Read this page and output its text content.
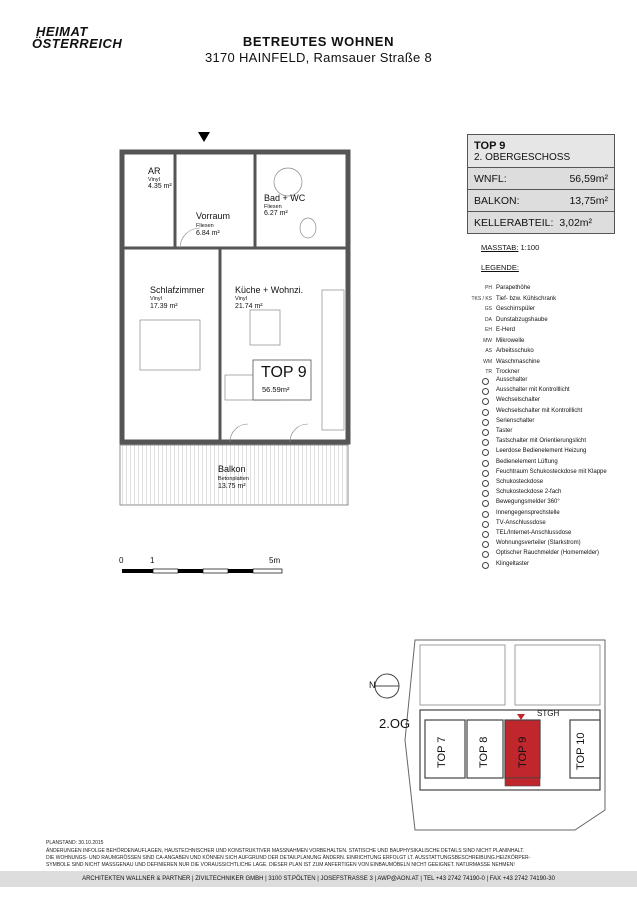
HEIMAT
ÖSTERREICH	BETREUTES WOHNEN
3170 HAINFELD, Ramsauer Straße 8
TOP 9
2. OBERGESCHOSS
WNFL:	56,59m²
BALKON:	13,75m²
KELLERABTEIL: 3,02m²
MASSTAB: 1:100
LEGENDE:
PH Parapethöhe
TKS / KS Tief- bzw. Kühlschrank
GS Geschirrspüler
DA Dunstabzugshaube
EH E-Herd
MW Mikrowelle
AS Arbeitsschuko
WM Waschmaschine
TR Trockner
Ausschalter
Ausschalter mit Kontrolllicht
Wechselschalter
Wechselschalter mit Kontrolllicht
Serienschalter
Taster
Tastschalter mit Orientierungslicht
Leerdose Bedienelement Heizung
Bedienelement Lüftung
Feuchtraum Schukosteckdose mit Klappe
Schukosteckdose
Schukosteckdose 2-fach
Bewegungsmelder 360°
Innengegensprechstelle
TV-Anschlussdose
TEL/Internet-Anschlussdose
Wohnungsverteiler (Starkstrom)
Optischer Rauchmelder (Homemelder)
Klingeltaster
AR
Vinyl
4.35 m²
Vorraum
Fliesen
6.84 m²
Bad + WC
Fliesen
6.27 m²
Schlafzimmer
Vinyl
17.39 m²
Küche + Wohnzi.
Vinyl
21.74 m²
TOP 9
56.59m²
Balkon
Betonplatten
13.75 m²
0	1	5m
N
2.OG
STGH
TOP 7	TOP 8 TOP 9	TOP 10
PLANSTAND: 30.10.2015
ÄNDERUNGEN INFOLGE BEHÖRDENAUFLAGEN, HAUSTECHNISCHER UND KONSTRUKTIVER MASSNAHMEN VORBEHALTEN. STATISCHE UND BAUPHYSIKALISCHE DETAILS SIND NICHT PLANINHALT.
DIE WOHNUNGS- UND RAUMGRÖSSEN SIND CA-ANGABEN UND KÖNNEN SICH AUFGRUND DER DETAILPLANUNG ÄNDERN. EINRICHTUNG ERFOLGT LT. AUSSTATTUNGSBESCHREIBUNG.HEIZKÖRPER-
SYMBOLE SIND NICHT MASSGENAU UND DEFINIEREN NUR DIE VORAUSSICHTLICHE LAGE. DIESER PLAN IST ZUM ANFERTIGEN VON EINBAUMÖBELN NICHT GEEIGNET. NATURMASSE NEHMEN!
ARCHITEKTEN WALLNER & PARTNER | ZIVILTECHNIKER GMBH | 3100 ST.PÖLTEN | JOSEFSTRASSE 3 | AWP@AON.AT | TEL +43 2742 74190-0 | FAX +43 2742 74190-30
